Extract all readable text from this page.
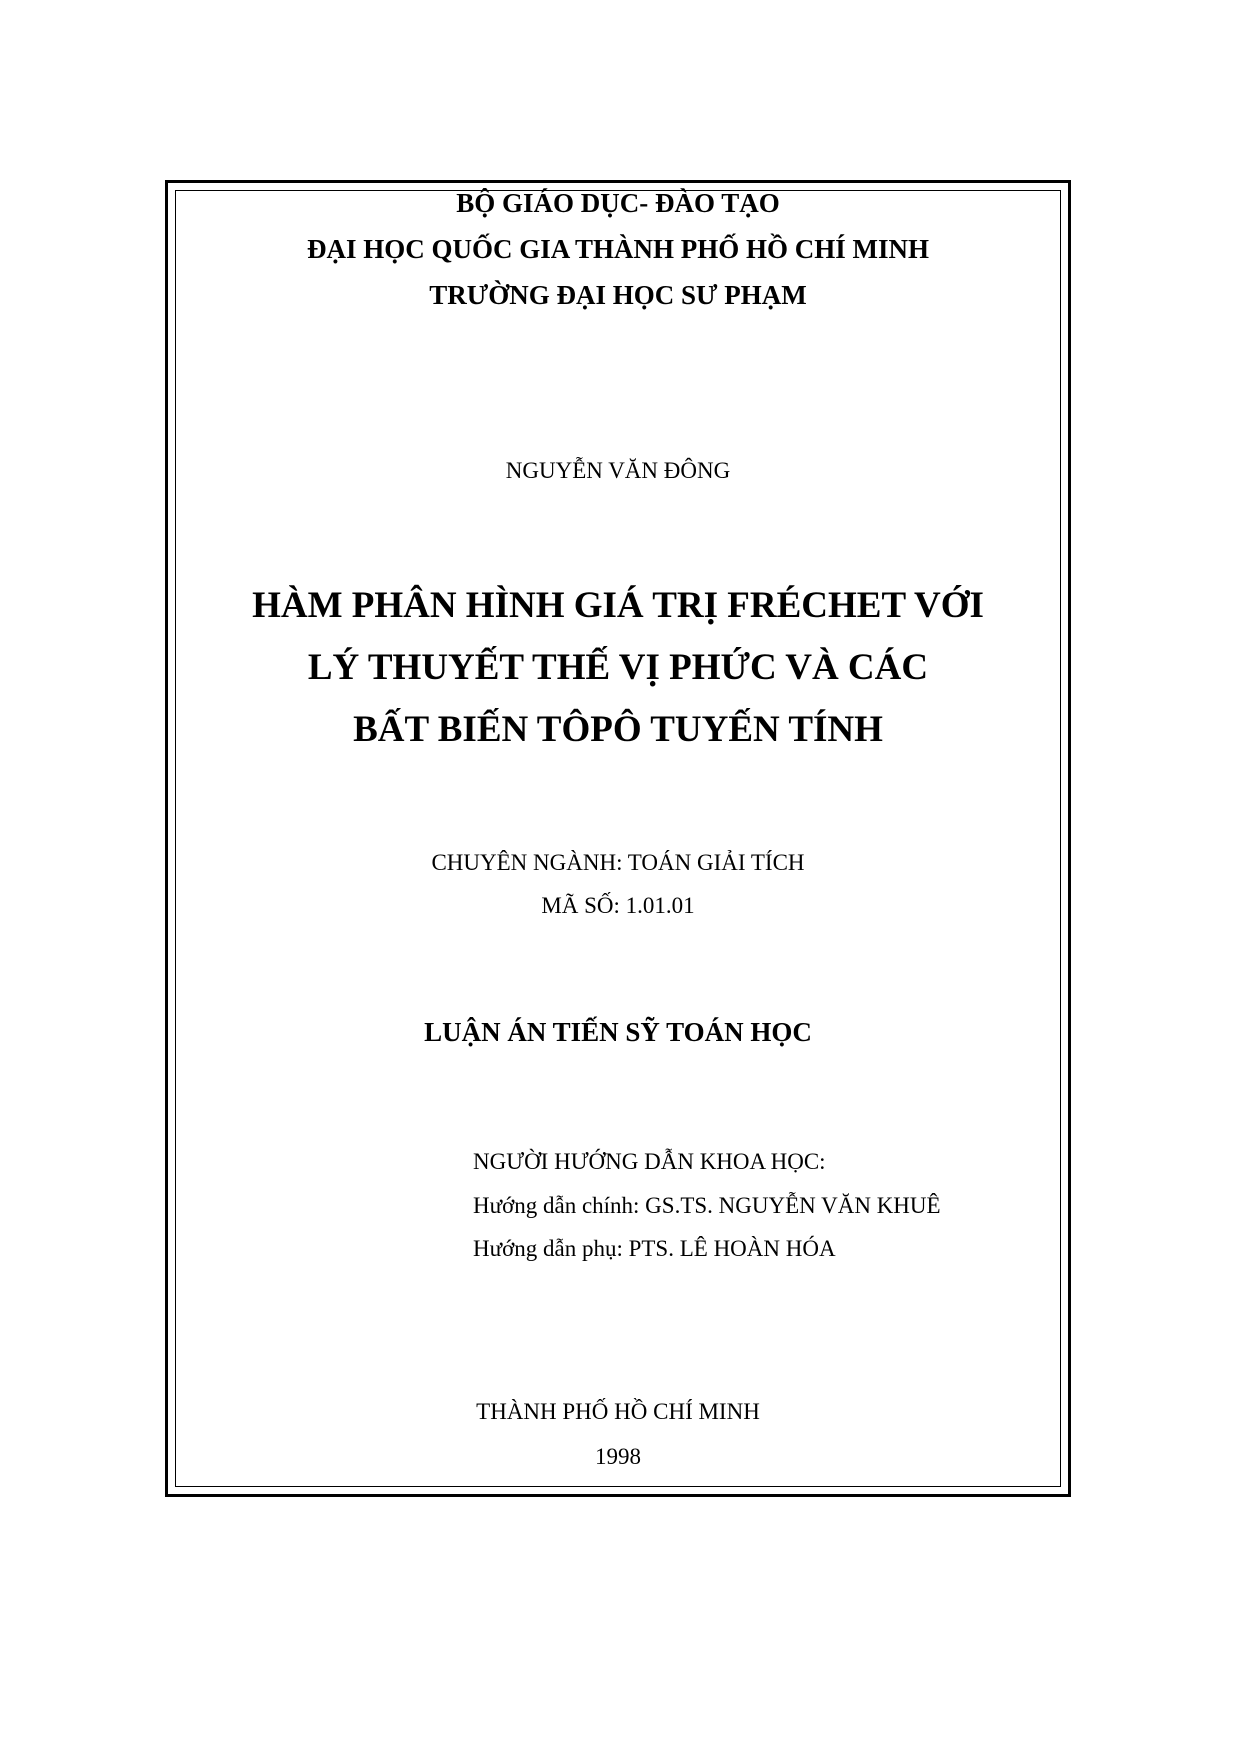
BỘ GIÁO DỤC- ĐÀO TẠO

ĐẠI HỌC QUỐC GIA THÀNH PHỐ HỒ CHÍ MINH

TRƯỜNG ĐẠI HỌC SƯ PHẠM

NGUYỄN VĂN ĐÔNG

HÀM PHÂN HÌNH GIÁ TRỊ FRÉCHET VỚI

LÝ THUYẾT THẾ VỊ PHỨC VÀ CÁC

BẤT BIẾN TÔPÔ TUYẾN TÍNH

CHUYÊN NGÀNH: TOÁN GIẢI TÍCH

MÃ SỐ: 1.01.01

LUẬN ÁN TIẾN SỸ TOÁN HỌC

NGƯỜI HƯỚNG DẪN KHOA HỌC:

Hướng dẫn chính: GS.TS. NGUYỄN VĂN KHUÊ

Hướng dẫn phụ: PTS. LÊ HOÀN HÓA

THÀNH PHỐ HỒ CHÍ MINH

1998
